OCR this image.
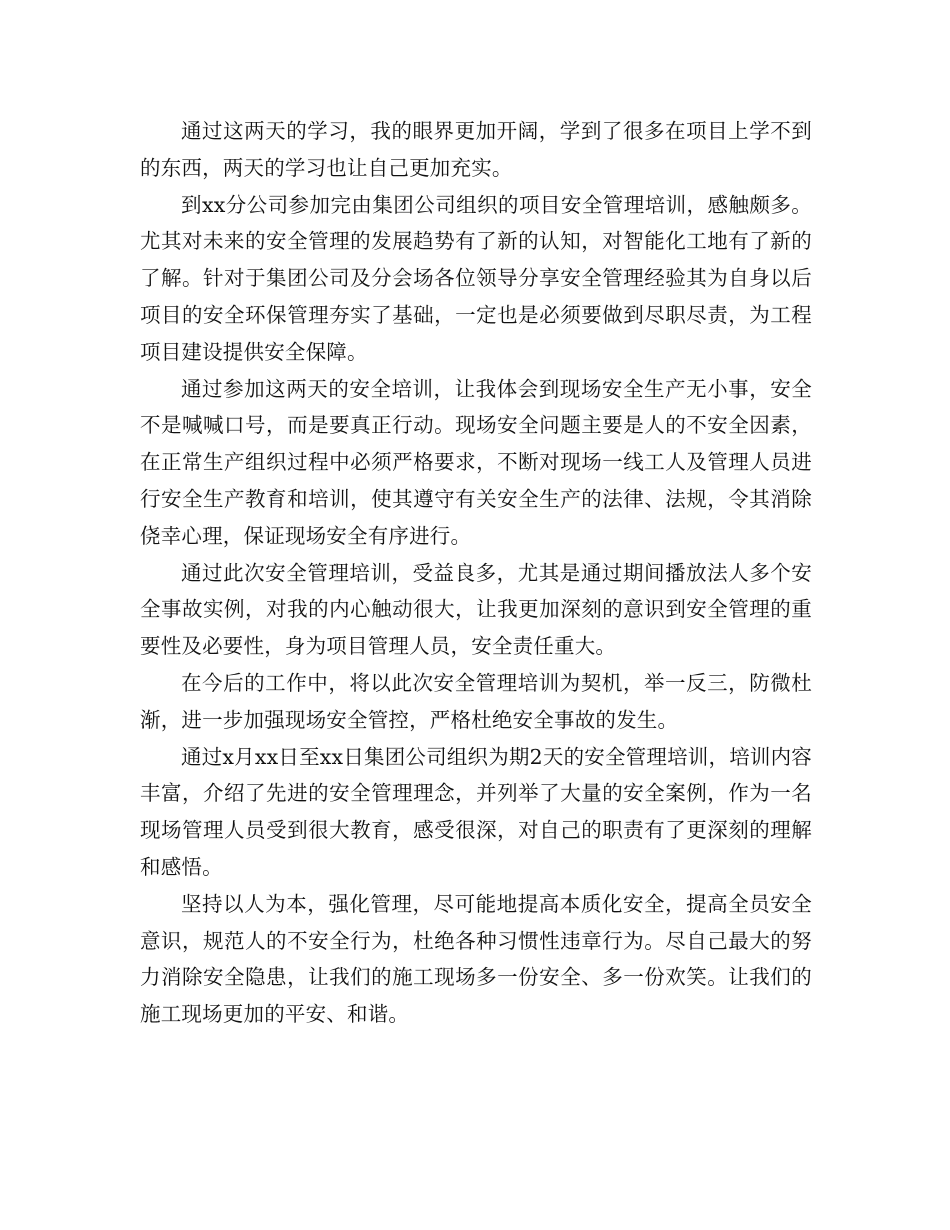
通过这两天的学习，我的眼界更加开阔，学到了很多在项目上学不到的东西，两天的学习也让自己更加充实。

到xx分公司参加完由集团公司组织的项目安全管理培训，感触颇多。尤其对未来的安全管理的发展趋势有了新的认知，对智能化工地有了新的了解。针对于集团公司及分会场各位领导分享安全管理经验其为自身以后项目的安全环保管理夯实了基础，一定也是必须要做到尽职尽责，为工程项目建设提供安全保障。

通过参加这两天的安全培训，让我体会到现场安全生产无小事，安全不是喊喊口号，而是要真正行动。现场安全问题主要是人的不安全因素，在正常生产组织过程中必须严格要求，不断对现场一线工人及管理人员进行安全生产教育和培训，使其遵守有关安全生产的法律、法规，令其消除侥幸心理，保证现场安全有序进行。

通过此次安全管理培训，受益良多，尤其是通过期间播放法人多个安全事故实例，对我的内心触动很大，让我更加深刻的意识到安全管理的重要性及必要性，身为项目管理人员，安全责任重大。

在今后的工作中，将以此次安全管理培训为契机，举一反三，防微杜渐，进一步加强现场安全管控，严格杜绝安全事故的发生。

通过x月xx日至xx日集团公司组织为期2天的安全管理培训，培训内容丰富，介绍了先进的安全管理理念，并列举了大量的安全案例，作为一名现场管理人员受到很大教育，感受很深，对自己的职责有了更深刻的理解和感悟。

坚持以人为本，强化管理，尽可能地提高本质化安全，提高全员安全意识，规范人的不安全行为，杜绝各种习惯性违章行为。尽自己最大的努力消除安全隐患，让我们的施工现场多一份安全、多一份欢笑。让我们的施工现场更加的平安、和谐。
